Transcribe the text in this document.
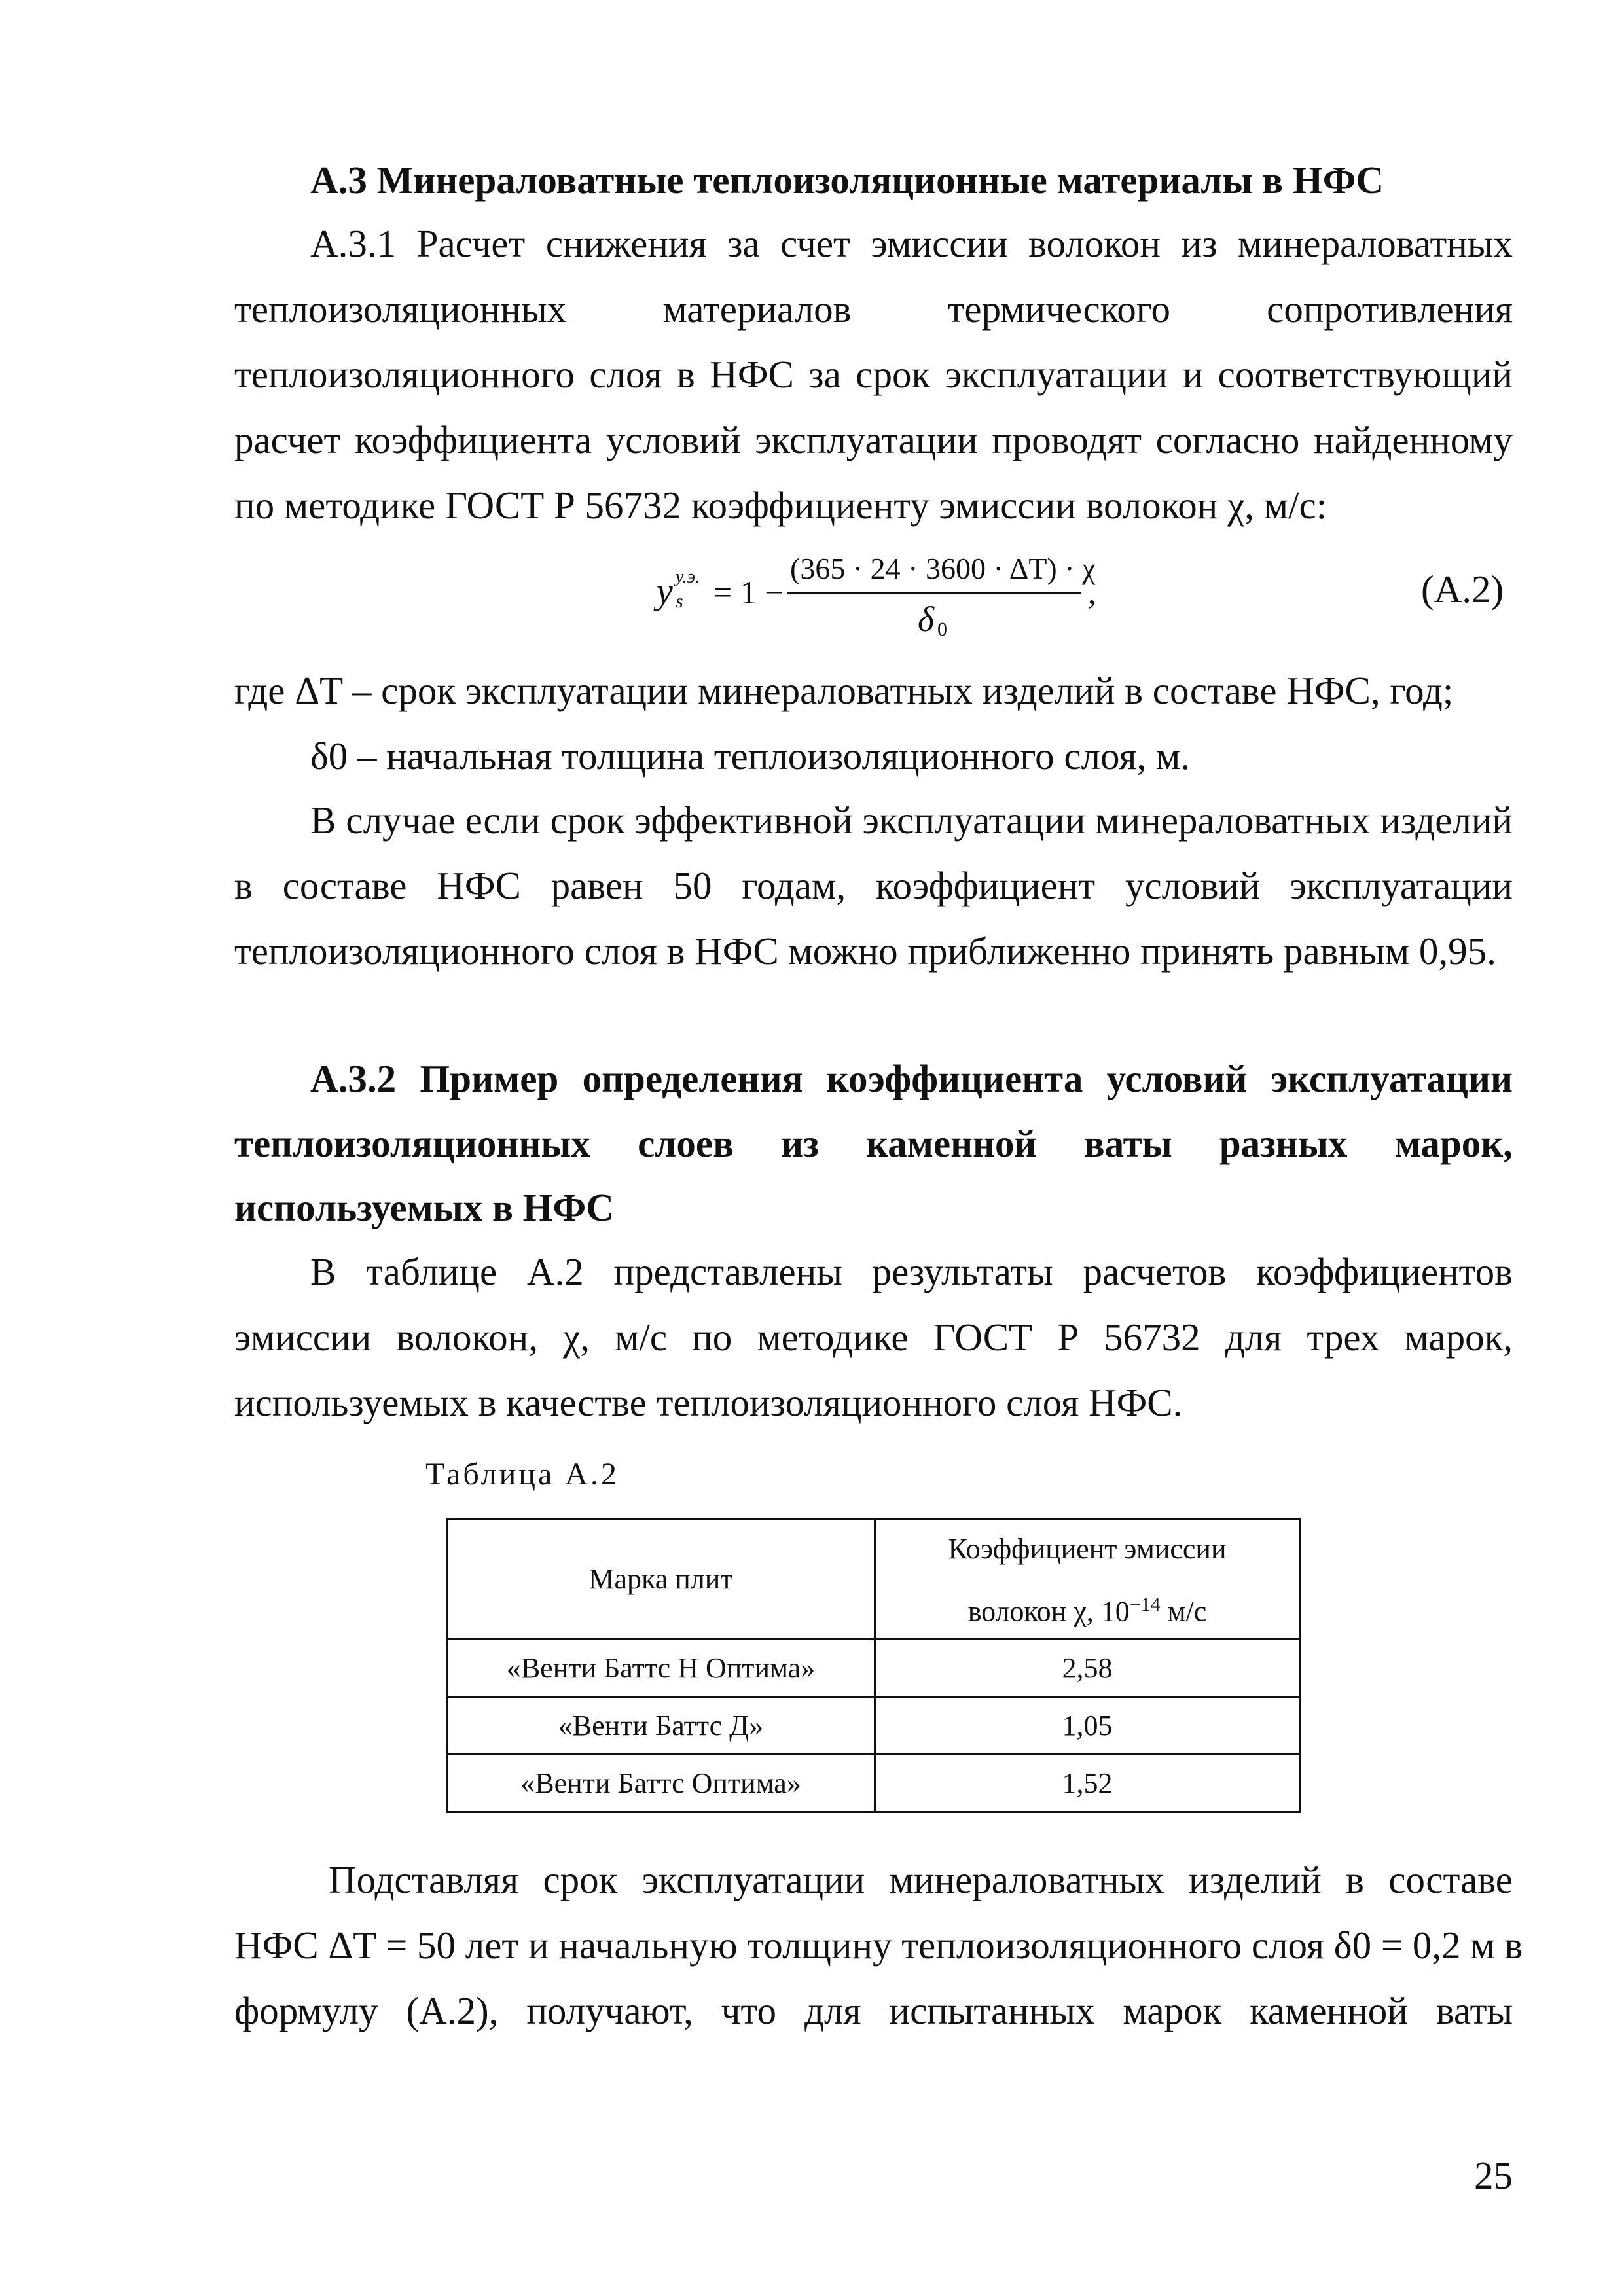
А.3 Минераловатные теплоизоляционные материалы в НФС
А.3.1 Расчет снижения за счет эмиссии волокон из минераловатных
теплоизоляционных материалов термического сопротивления
теплоизоляционного слоя в НФС за срок эксплуатации и соответствующий
расчет коэффициента условий эксплуатации проводят согласно найденному
по методике ГОСТ Р 56732 коэффициенту эмиссии волокон χ, м/с:
y s
у.э. = 1 −
(365 · 24 · 3600 · ΔT) · χ
δ 0
,	(А.2)
где ΔT – срок эксплуатации минераловатных изделий в составе НФС, год;
δ0 – начальная толщина теплоизоляционного слоя, м.
В случае если срок эффективной эксплуатации минераловатных изделий
в составе НФС равен 50 годам, коэффициент условий эксплуатации
теплоизоляционного слоя в НФС можно приближенно принять равным 0,95.
А.3.2 Пример определения коэффициента условий эксплуатации
теплоизоляционных слоев из каменной ваты разных марок,
используемых в НФС
В таблице А.2 представлены результаты расчетов коэффициентов
эмиссии волокон, χ, м/с по методике ГОСТ Р 56732 для трех марок,
используемых в качестве теплоизоляционного слоя НФС.
Таблица А.2
Марка плит	Коэффициент эмиссии
волокон χ, $10^{-14}$ м/с

«Венти Баттс Н Оптима»	2,58
«Венти Баттс Д»	1,05
«Венти Баттс Оптима»	1,52
Подставляя срок эксплуатации минераловатных изделий в составе
НФС ΔT = 50 лет и начальную толщину теплоизоляционного слоя δ0 = 0,2 м в
формулу (А.2), получают, что для испытанных марок каменной ваты
25
